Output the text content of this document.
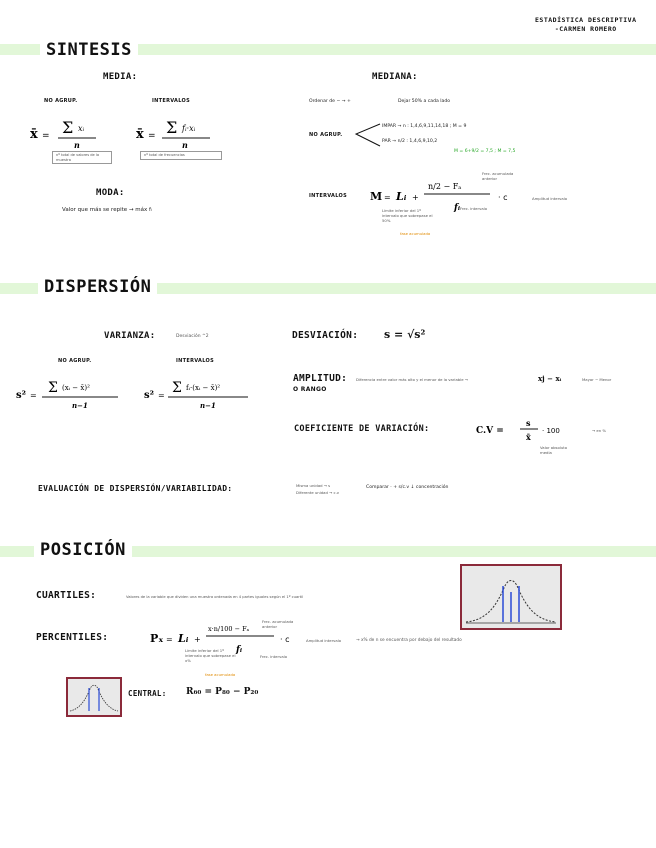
ESTADÍSTICA DESCRIPTIVA
-CARMEN ROMERO
SINTESIS
MEDIA:
NO AGRUP.	INTERVALOS
x̄ = Σ xᵢ
n
x̄ = Σ fᵢ·xᵢ
n
nº total de valores de la muestra
nº total de frecuencias
MODA:
Valor que más se repite → máx fᵢ
MEDIANA:
Ordenar de − → +	Dejar 50% a cada lado
NO AGRUP.
IMPAR → n : 1,4,6,9,11,14,18 ; M = 9
PAR → n/2 : 1,4,6,9,10,2
M = 6+9/2 = 7,5 ; M = 7,5
INTERVALOS M = Lᵢ +
n/2 − Fₐ
fᵢ
· c
Frec. acumulada anterior
Amplitud intervalo
Frec. intervalo
Límite inferior del 1º intervalo que sobrepase el 50%
fase acumulada
DISPERSIÓN
VARIANZA:	Desviación ^2
NO AGRUP.	INTERVALOS
s² = Σ (xᵢ − x̄)²
n−1
s² = Σ fᵢ·(xᵢ − x̄)²
n−1
DESVIACIÓN: s = √s²
AMPLITUD:
O RANGO
Diferencia entre valor más alto y el menor de la variable →	xj − xᵢ	Mayor − Menor
COEFICIENTE DE VARIACIÓN:	C.V =
s
x̄
· 100	→ en %
Valor absoluto media
EVALUACIÓN DE DISPERSIÓN/VARIABILIDAD:	Misma unidad → s
Diferente unidad → c.v
Comparar · + s/c.v ↓ concentración
POSICIÓN
CUARTILES:	Valores de la variable que dividen una muestra ordenada en 4 partes iguales según el 1º cuartil
PERCENTILES:	Pₓ = Lᵢ +
x·n/100 − Fₐ
fᵢ
· c
Frec. acumulada anterior
Amplitud intervalo
Frec. intervalo
Límite inferior del 1º intervalo que sobrepase el x%
fase acumulada
→ x% de n se encuentra por debajo del resultado
CENTRAL: R₆₀ = P₈₀ − P₂₀
